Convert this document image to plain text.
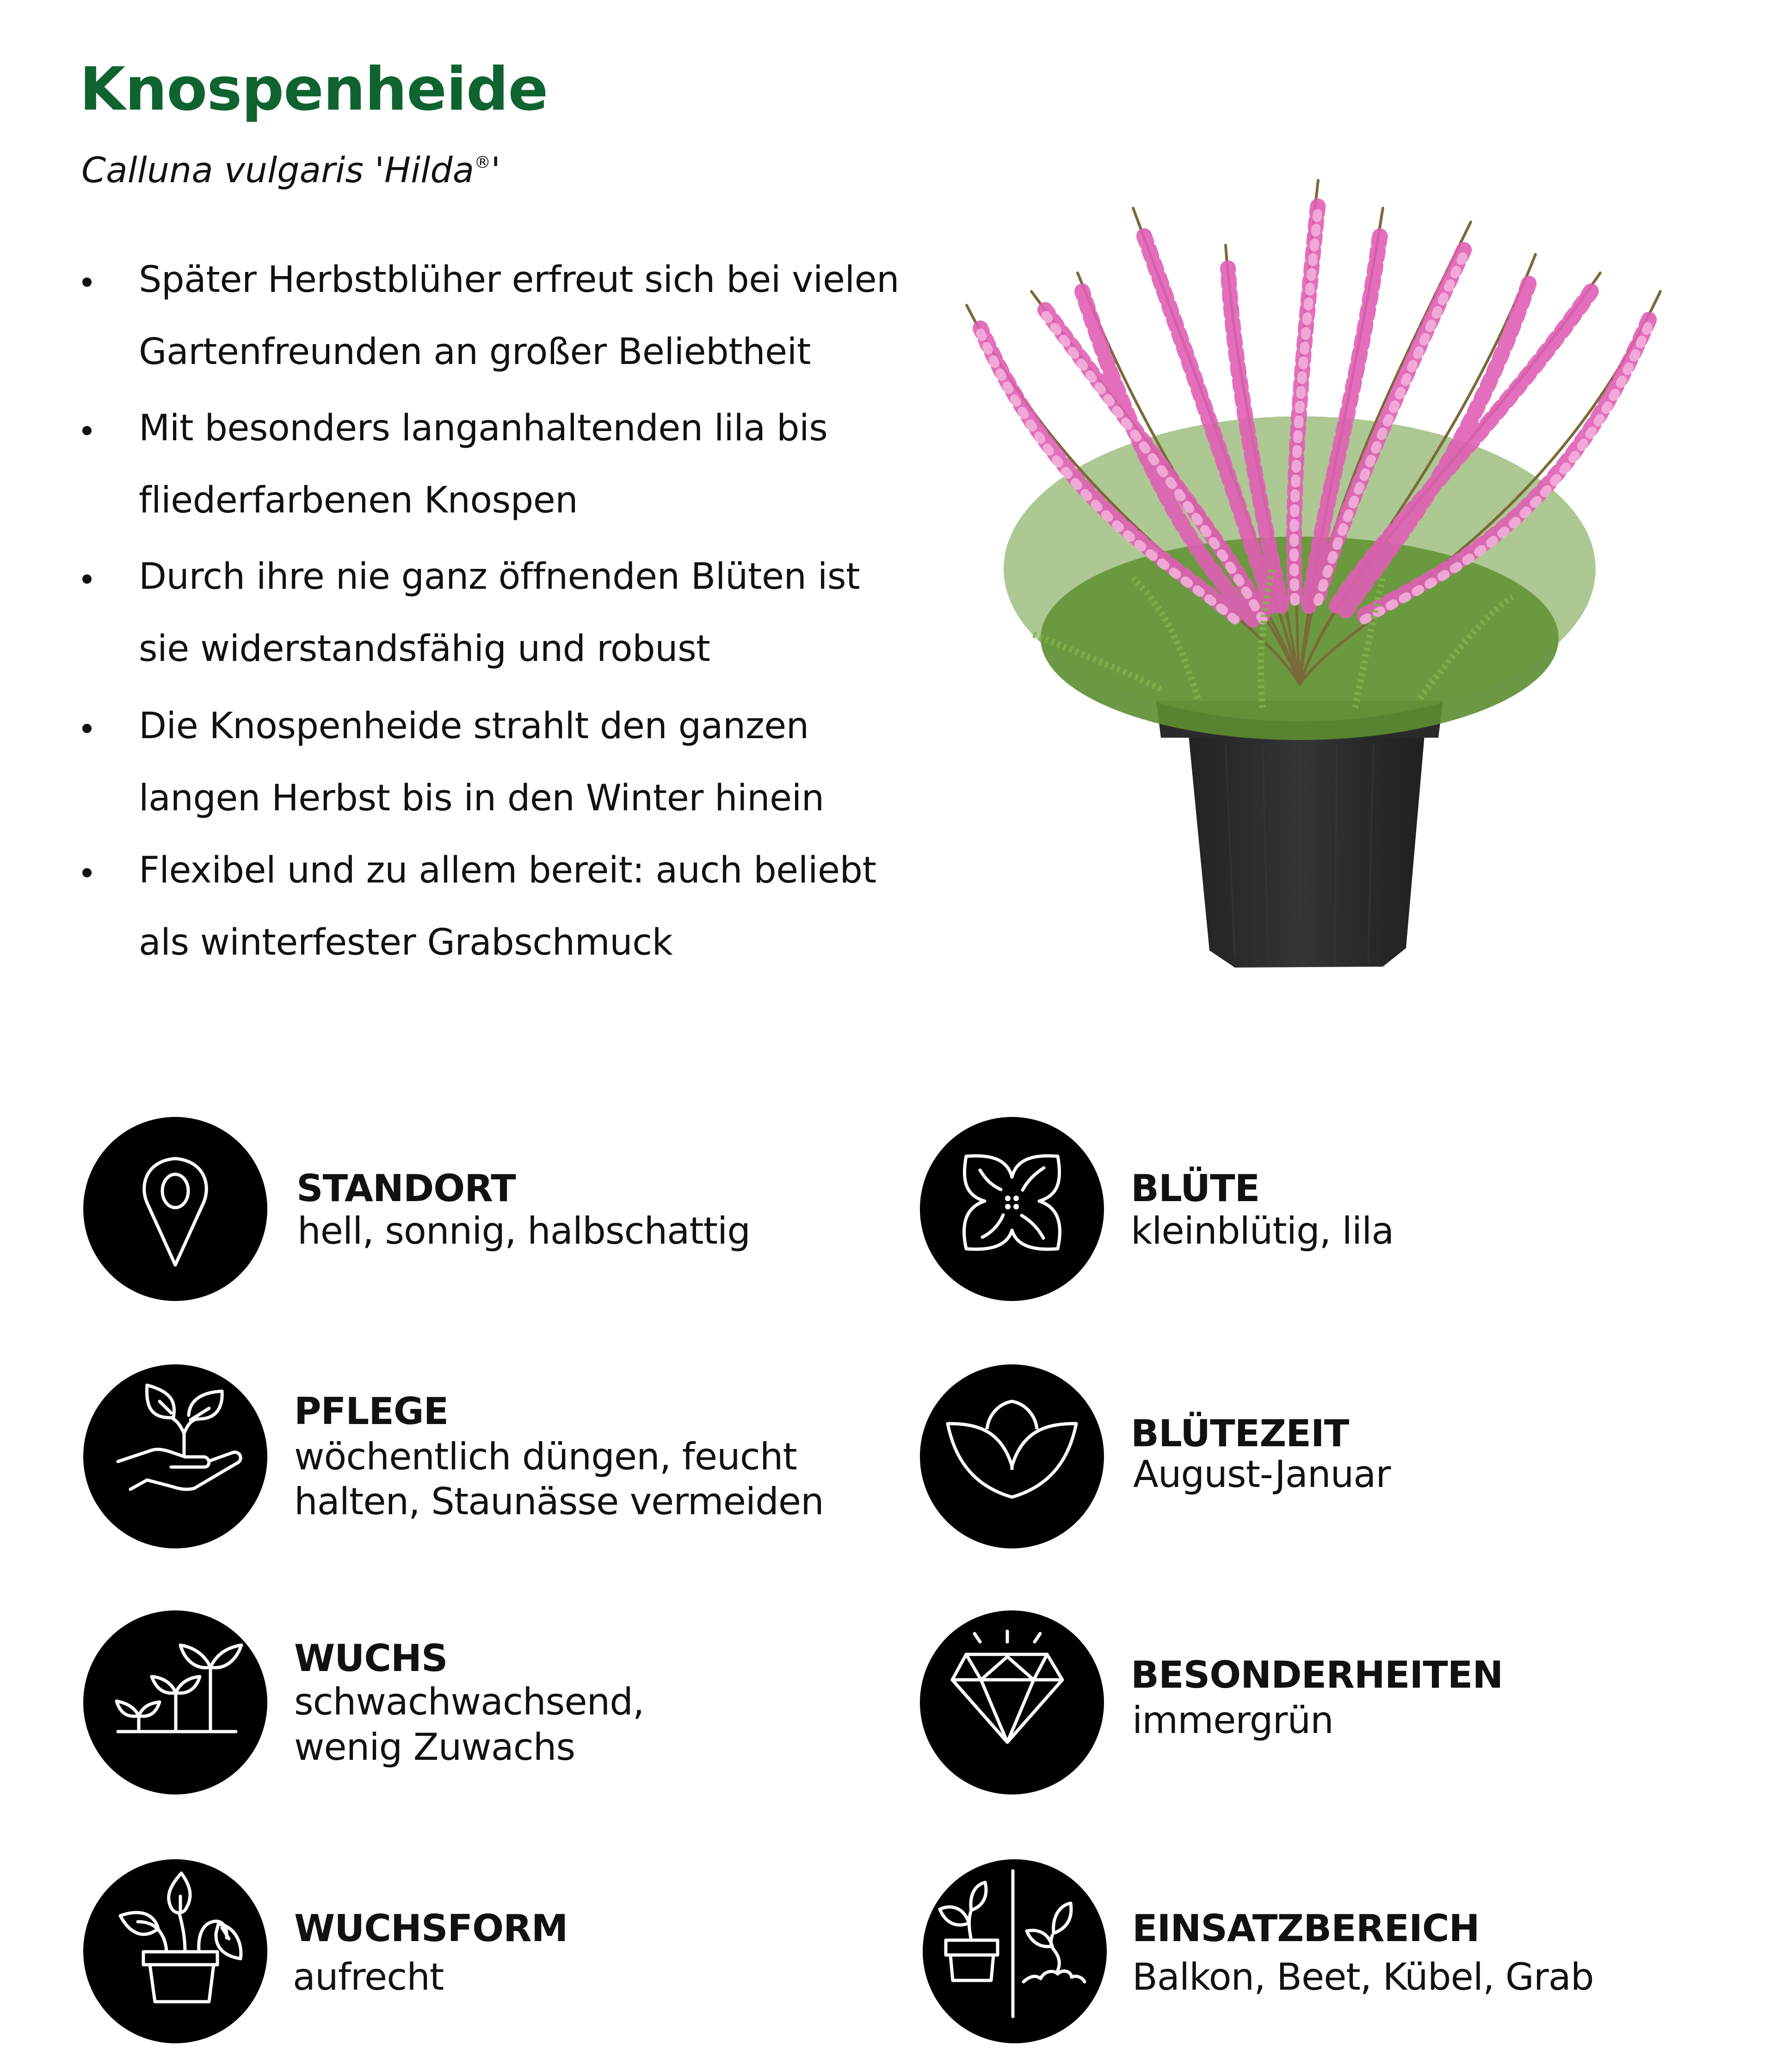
Knospenheide
Calluna vulgaris 'Hilda®'
Später Herbstblüher erfreut sich bei vielen
Gartenfreunden an großer Beliebtheit
Mit besonders langanhaltenden lila bis
fliederfarbenen Knospen
Durch ihre nie ganz öffnenden Blüten ist
sie widerstandsfähig und robust
Die Knospenheide strahlt den ganzen
langen Herbst bis in den Winter hinein
Flexibel und zu allem bereit: auch beliebt
als winterfester Grabschmuck
STANDORT
hell, sonnig, halbschattig
BLÜTE
kleinblütig, lila
PFLEGE
wöchentlich düngen, feucht
halten, Staunässe vermeiden
BLÜTEZEIT
August-Januar
WUCHS
schwachwachsend,
wenig Zuwachs
BESONDERHEITEN
immergrün
WUCHSFORM
aufrecht
EINSATZBEREICH
Balkon, Beet, Kübel, Grab
